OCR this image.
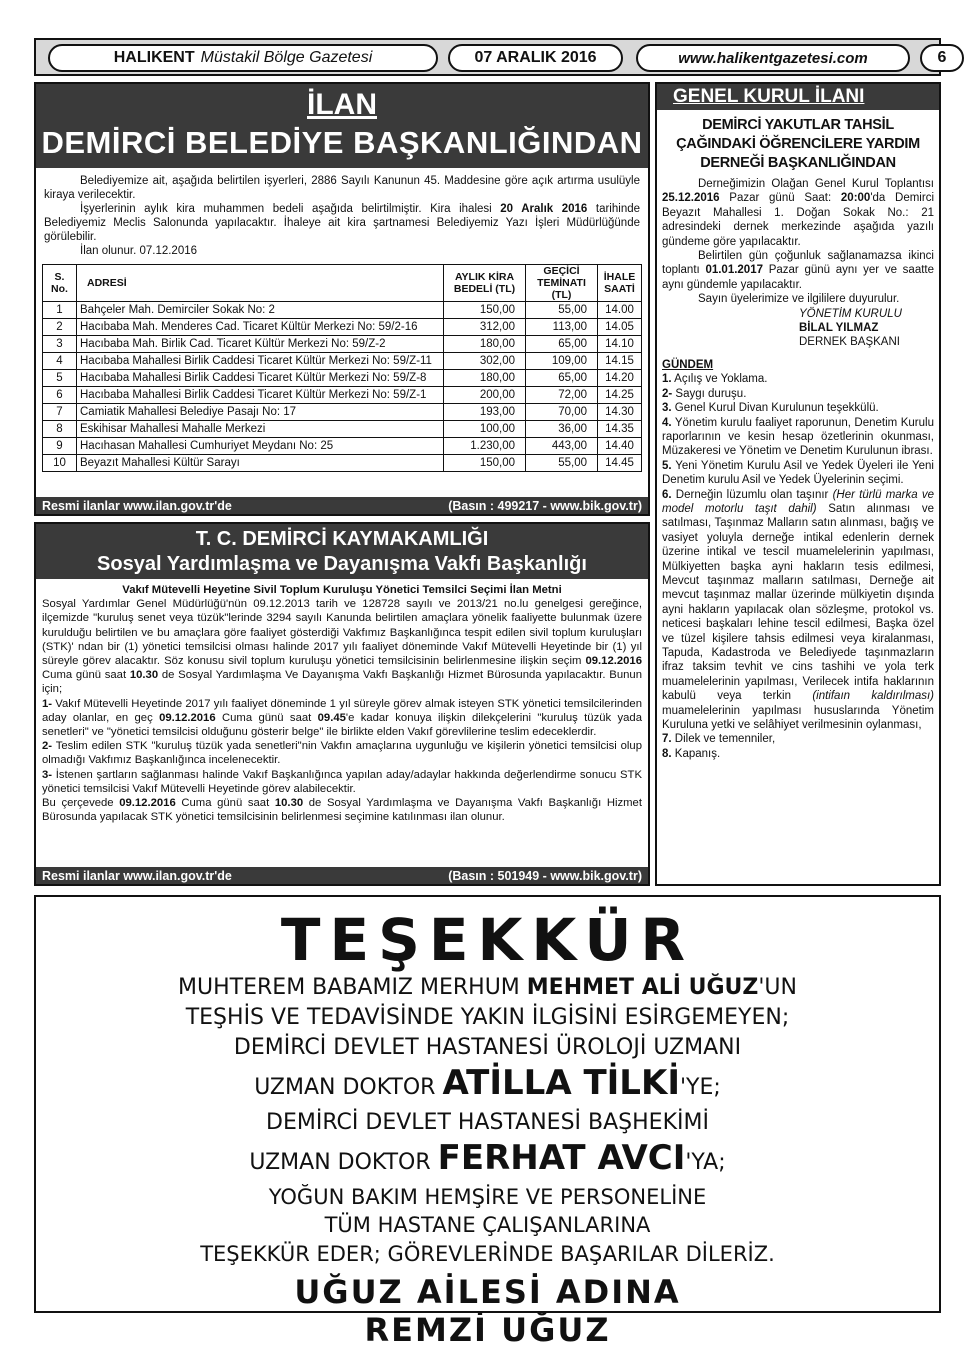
HALIKENT Müstakil Bölge Gazetesi	07 ARALIK 2016	www.halikentgazetesi.com	6
İLAN
DEMİRCİ BELEDİYE BAŞKANLIĞINDAN

Belediyemize ait, aşağıda belirtilen işyerleri, 2886 Sayılı Kanunun 45. Maddesine göre açık artırma usulüyle kiraya verilecektir.

İşyerlerinin aylık kira muhammen bedeli aşağıda belirtilmiştir. Kira ihalesi 20 Aralık 2016 tarihinde Belediyemiz Meclis Salonunda yapılacaktır. İhaleye ait kira şartnamesi Belediyemiz Yazı İşleri Müdürlüğünde görülebilir.

İlan olunur. 07.12.2016

S. No.	ADRESİ	AYLIK KİRA BEDELİ (TL)	GEÇİCİ TEMİNATI (TL)	İHALE SAATİ
1	Bahçeler Mah. Demirciler Sokak No: 2	150,00	55,00	14.00
2	Hacıbaba Mah. Menderes Cad. Ticaret Kültür Merkezi No: 59/2-16	312,00	113,00	14.05
3	Hacıbaba Mah. Birlik Cad. Ticaret Kültür Merkezi No: 59/Z-2	180,00	65,00	14.10
4	Hacıbaba Mahallesi Birlik Caddesi Ticaret Kültür Merkezi No: 59/Z-11	302,00	109,00	14.15
5	Hacıbaba Mahallesi Birlik Caddesi Ticaret Kültür Merkezi No: 59/Z-8	180,00	65,00	14.20
6	Hacıbaba Mahallesi Birlik Caddesi Ticaret Kültür Merkezi No: 59/Z-1	200,00	72,00	14.25
7	Camiatik Mahallesi Belediye Pasajı No: 17	193,00	70,00	14.30
8	Eskihisar Mahallesi Mahalle Merkezi	100,00	36,00	14.35
9	Hacıhasan Mahallesi Cumhuriyet Meydanı No: 25	1.230,00	443,00	14.40
10	Beyazıt Mahallesi Kültür Sarayı	150,00	55,00	14.45
Resmi ilanlar www.ilan.gov.tr'de	(Basın : 499217 - www.bik.gov.tr)
T. C. DEMİRCİ KAYMAKAMLIĞI
Sosyal Yardımlaşma ve Dayanışma Vakfı Başkanlığı
Vakıf Mütevelli Heyetine Sivil Toplum Kuruluşu Yönetici Temsilci Seçimi İlan Metni

Sosyal Yardımlar Genel Müdürlüğü'nün 09.12.2013 tarih ve 128728 sayılı ve 2013/21 no.lu genelgesi gereğince, ilçemizde "kuruluş senet veya tüzük"lerinde 3294 sayılı Kanunda belirtilen amaçlara yönelik faaliyette bulunmak üzere kurulduğu belirtilen ve bu amaçlara göre faaliyet gösterdiği Vakfımız Başkanlığınca tespit edilen sivil toplum kuruluşları (STK)' ndan bir (1) yönetici temsilcisi olması halinde 2017 yılı faaliyet döneminde Vakıf Mütevelli Heyetinde bir (1) yıl süreyle görev alacaktır. Söz konusu sivil toplum kuruluşu yönetici temsilcisinin belirlenmesine ilişkin seçim 09.12.2016 Cuma günü saat 10.30 de Sosyal Yardımlaşma Ve Dayanışma Vakfı Başkanlığı Hizmet Bürosunda yapılacaktır. Bunun için;

1- Vakıf Mütevelli Heyetinde 2017 yılı faaliyet döneminde 1 yıl süreyle görev almak isteyen STK yönetici temsilcilerinden aday olanlar, en geç 09.12.2016 Cuma günü saat 09.45'e kadar konuya ilişkin dilekçelerini "kuruluş tüzük yada senetleri" ve "yönetici temsilcisi olduğunu gösterir belge" ile birlikte elden Vakıf görevlilerine teslim edeceklerdir.

2- Teslim edilen STK "kuruluş tüzük yada senetleri"nin Vakfın amaçlarına uygunluğu ve kişilerin yönetici temsilcisi olup olmadığı Vakfımız Başkanlığınca incelenecektir.

3- İstenen şartların sağlanması halinde Vakıf Başkanlığınca yapılan aday/adaylar hakkında değerlendirme sonucu STK yönetici temsilcisi Vakıf Mütevelli Heyetinde görev alabilecektir.

Bu çerçevede 09.12.2016 Cuma günü saat 10.30 de Sosyal Yardımlaşma ve Dayanışma Vakfı Başkanlığı Hizmet Bürosunda yapılacak STK yönetici temsilcisinin belirlenmesi seçimine katılınması ilan olunur.

Resmi ilanlar www.ilan.gov.tr'de	(Basın : 501949 - www.bik.gov.tr)
GENEL KURUL İLANI
DEMİRCİ YAKUTLAR TAHSİL ÇAĞINDAKİ ÖĞRENCİLERE YARDIM DERNEĞİ BAŞKANLIĞINDAN

Derneğimizin Olağan Genel Kurul Toplantısı 25.12.2016 Pazar günü Saat: 20:00'da Demirci Beyazıt Mahallesi 1. Doğan Sokak No.: 21 adresindeki dernek merkezinde aşağıda yazılı gündeme göre yapılacaktır.

Belirtilen gün çoğunluk sağlanamazsa ikinci toplantı 01.01.2017 Pazar günü aynı yer ve saatte aynı gündemle yapılacaktır.

Sayın üyelerimize ve ilgililere duyurulur.

YÖNETİM KURULU
BİLAL YILMAZ
DERNEK BAŞKANI
GÜNDEM

1. Açılış ve Yoklama.

2- Saygı duruşu.

3. Genel Kurul Divan Kurulunun teşekkülü.

4. Yönetim kurulu faaliyet raporunun, Denetim Kurulu raporlarının ve kesin hesap özetlerinin okunması, Müzakeresi ve Yönetim ve Denetim Kurulunun ibrası.

5. Yeni Yönetim Kurulu Asil ve Yedek Üyeleri ile Yeni Denetim kurulu Asil ve Yedek Üyelerinin seçimi.

6. Derneğin lüzumlu olan taşınır (Her türlü marka ve model motorlu taşıt dahil) Satın alınması ve satılması, Taşınmaz Malların satın alınması, bağış ve vasiyet yoluyla derneğe intikal edenlerin dernek üzerine intikal ve tescil muamelelerinin yapılması, Mülkiyetten başka ayni hakların tesis edilmesi, Mevcut taşınmaz malların satılması, Derneğe ait mevcut taşınmaz mallar üzerinde mülkiyetin dışında ayni hakların yapılacak olan sözleşme, protokol vs. neticesi başkaları lehine tescil edilmesi, Başka özel ve tüzel kişilere tahsis edilmesi veya kiralanması, Tapuda, Kadastroda ve Belediyede taşınmazların ifraz taksim tevhit ve cins tashihi ve yola terk muamelelerinin yapılması, Verilecek intifa haklarının kabulü veya terkin (intifaın kaldırılması) muamelelerinin yapılması hususlarında Yönetim Kuruluna yetki ve selâhiyet verilmesinin oylanması,

7. Dilek ve temenniler,

8. Kapanış.

TEŞEKKÜR
MUHTEREM BABAMIZ MERHUM MEHMET ALİ UĞUZ'UN
TEŞHİS VE TEDAVİSİNDE YAKIN İLGİSİNİ ESİRGEMEYEN;
DEMİRCİ DEVLET HASTANESİ ÜROLOJİ UZMANI
UZMAN DOKTOR ATİLLA TİLKİ'YE;
DEMİRCİ DEVLET HASTANESİ BAŞHEKİMİ
UZMAN DOKTOR FERHAT AVCI'YA;
YOĞUN BAKIM HEMŞİRE VE PERSONELİNE
TÜM HASTANE ÇALIŞANLARINA
TEŞEKKÜR EDER; GÖREVLERİNDE BAŞARILAR DİLERİZ.
UĞUZ AİLESİ ADINA
REMZİ UĞUZ
